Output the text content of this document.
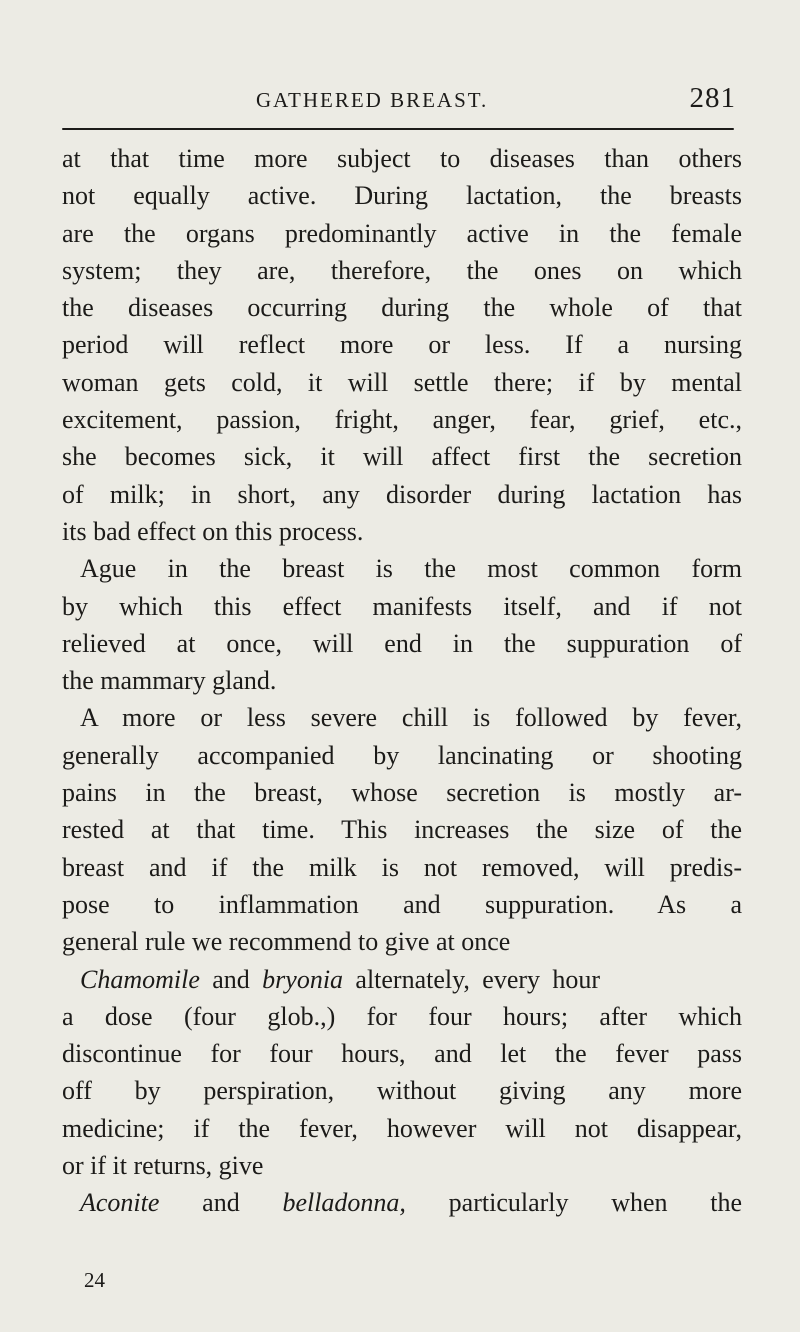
GATHERED BREAST.	281
at that time more subject to diseases than others
not equally active. During lactation, the breasts
are the organs predominantly active in the female
system; they are, therefore, the ones on which
the diseases occurring during the whole of that
period will reflect more or less. If a nursing
woman gets cold, it will settle there; if by mental
excitement, passion, fright, anger, fear, grief, etc.,
she becomes sick, it will affect first the secretion
of milk; in short, any disorder during lactation has
its bad effect on this process.
Ague in the breast is the most common form
by which this effect manifests itself, and if not
relieved at once, will end in the suppuration of
the mammary gland.
A more or less severe chill is followed by fever,
generally accompanied by lancinating or shooting
pains in the breast, whose secretion is mostly ar-
rested at that time. This increases the size of the
breast and if the milk is not removed, will predis-
pose to inflammation and suppuration. As a
general rule we recommend to give at once
Chamomile and bryonia alternately, every hour
a dose (four glob.,) for four hours; after which
discontinue for four hours, and let the fever pass
off by perspiration, without giving any more
medicine; if the fever, however will not disappear,
or if it returns, give
Aconite and belladonna, particularly when the
24
